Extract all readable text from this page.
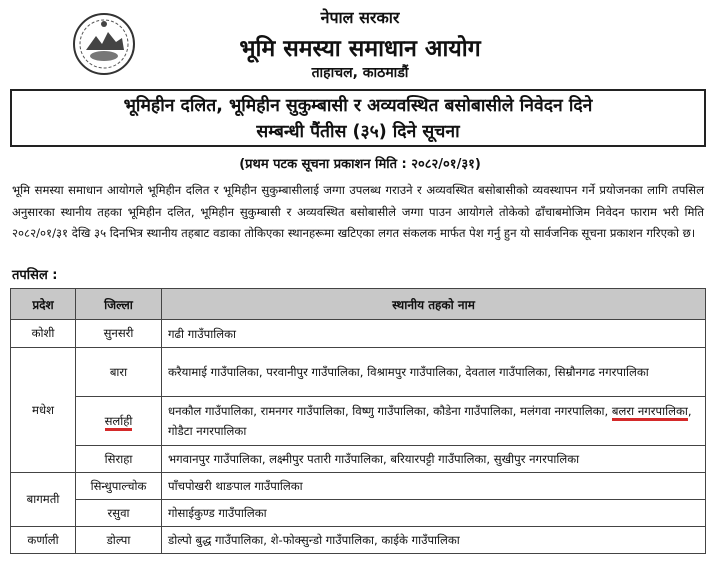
नेपाल सरकार
भूमि समस्या समाधान आयोग
ताहाचल, काठमाडौं
भूमिहीन दलित, भूमिहीन सुकुम्बासी र अव्यवस्थित बसोबासीले निवेदन दिने
सम्बन्धी पैंतीस (३५) दिने सूचना
(प्रथम पटक सूचना प्रकाशन मिति : २०८२/०१/३१)
भूमि समस्या समाधान आयोगले भूमिहीन दलित र भूमिहीन सुकुम्बासीलाई जग्गा उपलब्ध गराउने र अव्यवस्थित बसोबासीको व्यवस्थापन गर्ने प्रयोजनका लागि तपसिल अनुसारका स्थानीय तहका भूमिहीन दलित, भूमिहीन सुकुम्बासी र अव्यवस्थित बसोबासीले जग्गा पाउन आयोगले तोकेको ढाँचाबमोजिम निवेदन फाराम भरी मिति २०८२/०१/३१ देखि ३५ दिनभित्र स्थानीय तहबाट वडाका तोकिएका स्थानहरूमा खटिएका लगत संकलक मार्फत पेश गर्नु हुन यो सार्वजनिक सूचना प्रकाशन गरिएको छ।
तपसिल :
प्रदेश	जिल्ला	स्थानीय तहको नाम
कोशी	सुनसरी	गढी गाउँपालिका
मधेश	बारा	करैयामाई गाउँपालिका, परवानीपुर गाउँपालिका, विश्रामपुर गाउँपालिका, देवताल गाउँपालिका, सिम्रौनगढ नगरपालिका
	सर्लाही	धनकौल गाउँपालिका, रामनगर गाउँपालिका, विष्णु गाउँपालिका, कौडेना गाउँपालिका, मलंगवा नगरपालिका, बलरा नगरपालिका, गोडैटा नगरपालिका
	सिराहा	भगवानपुर गाउँपालिका, लक्ष्मीपुर पतारी गाउँपालिका, बरियारपट्टी गाउँपालिका, सुखीपुर नगरपालिका
बागमती	सिन्धुपाल्चोक	पाँचपोखरी थाङपाल गाउँपालिका
	रसुवा	गोसाईकुण्ड गाउँपालिका
कर्णाली	डोल्पा	डोल्पो बुद्ध गाउँपालिका, शे-फोक्सुन्डो गाउँपालिका, काईके गाउँपालिका
